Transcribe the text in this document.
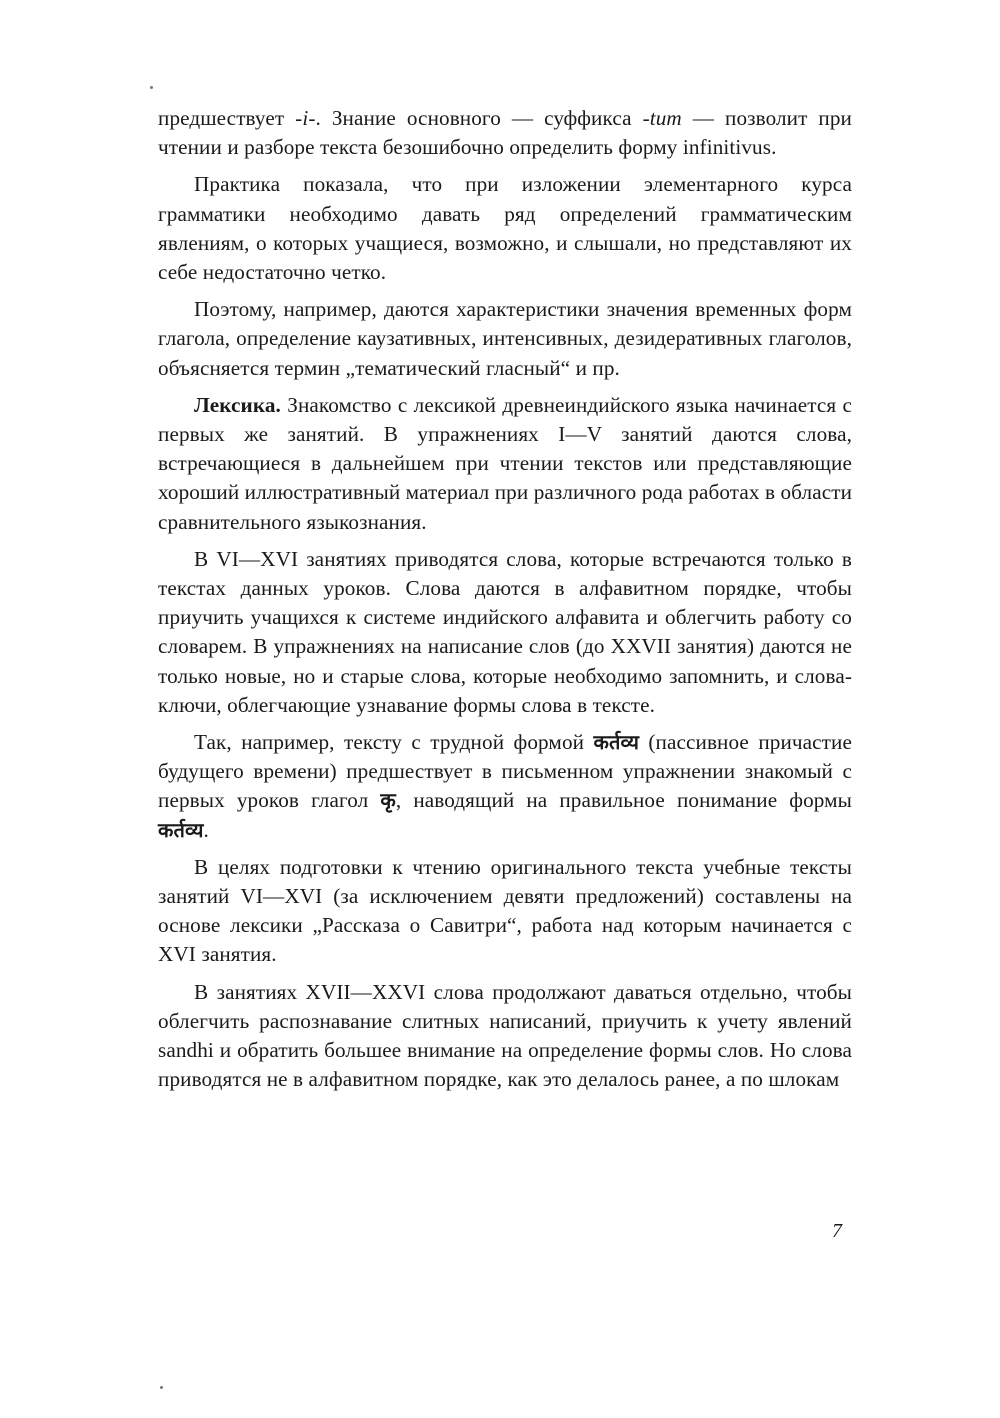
предшествует -i-. Знание основного — суффикса -tum — позволит при чтении и разборе текста безошибочно определить форму infinitivus.

Практика показала, что при изложении элементарного курса грамматики необходимо давать ряд определений грамматическим явлениям, о которых учащиеся, возможно, и слышали, но представляют их себе недостаточно четко.

Поэтому, например, даются характеристики значения временных форм глагола, определение каузативных, интенсивных, дезидеративных глаголов, объясняется термин „тематический гласный“ и пр.

Лексика. Знакомство с лексикой древнеиндийского языка начинается с первых же занятий. В упражнениях I—V занятий даются слова, встречающиеся в дальнейшем при чтении текстов или представляющие хороший иллюстративный материал при различного рода работах в области сравнительного языкознания.

В VI—XVI занятиях приводятся слова, которые встречаются только в текстах данных уроков. Слова даются в алфавитном порядке, чтобы приучить учащихся к системе индийского алфавита и облегчить работу со словарем. В упражнениях на написание слов (до XXVII занятия) даются не только новые, но и старые слова, которые необходимо запомнить, и слова-ключи, облегчающие узнавание формы слова в тексте.

Так, например, тексту с трудной формой कर्तव्य (пассивное причастие будущего времени) предшествует в письменном упражнении знакомый с первых уроков глагол कृ, наводящий на правильное понимание формы कर्तव्य.

В целях подготовки к чтению оригинального текста учебные тексты занятий VI—XVI (за исключением девяти предложений) составлены на основе лексики „Рассказа о Савитри“, работа над которым начинается с XVI занятия.

В занятиях XVII—XXVI слова продолжают даваться отдельно, чтобы облегчить распознавание слитных написаний, приучить к учету явлений sandhi и обратить большее внимание на определение формы слов. Но слова приводятся не в алфавитном порядке, как это делалось ранее, а по шлокам

7
